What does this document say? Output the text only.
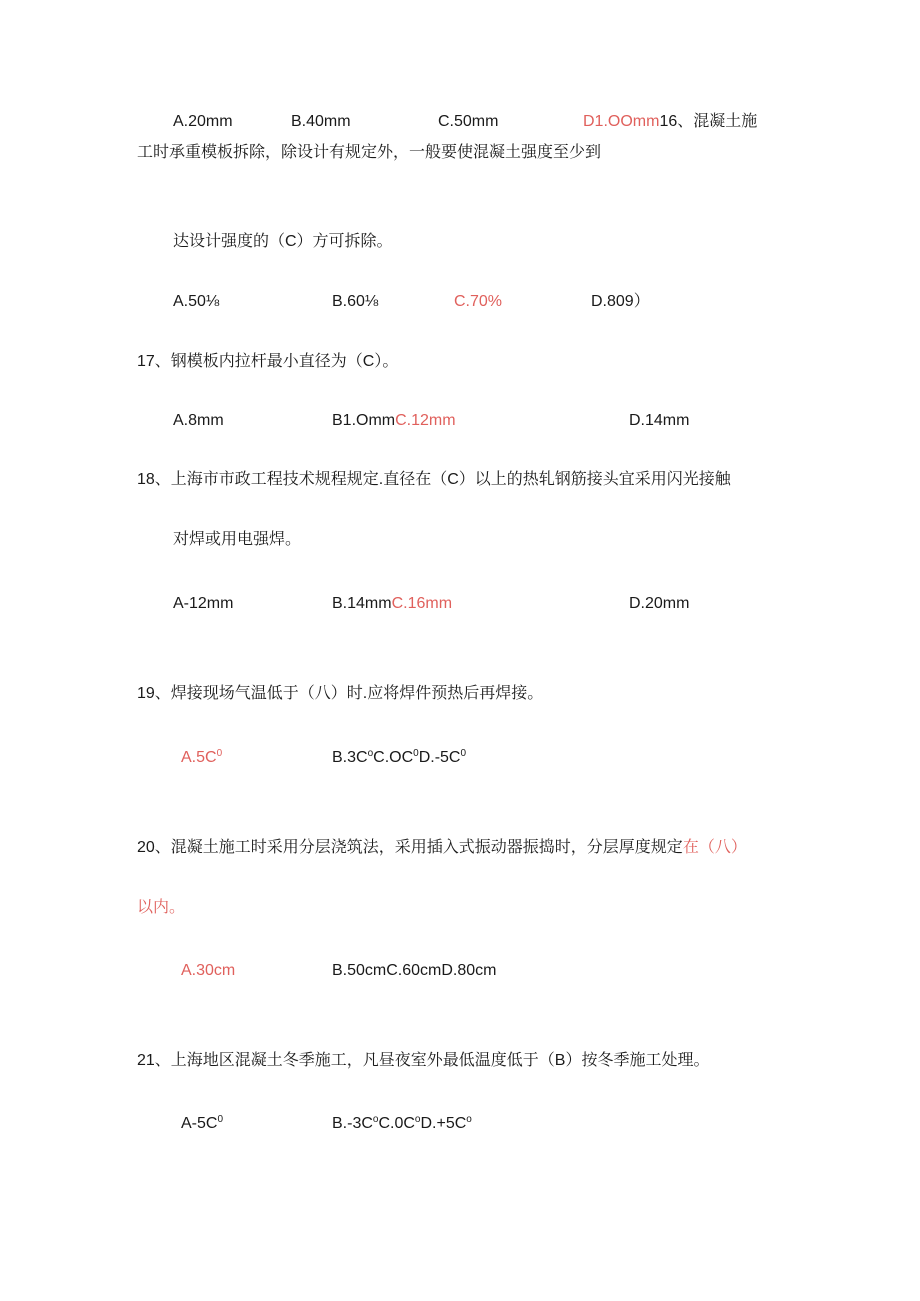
A.20mm	B.40mm	C.50mm	D1.OOmm16、混凝土施
工时承重模板拆除，除设计有规定外，一般要使混凝土强度至少到
达设计强度的（C）方可拆除。
A.50⅛	B.60⅛	C.70%	D.809）
17、钢模板内拉杆最小直径为（C）。
A.8mm	B1.OmmC.12mm	D.14mm
18、上海市市政工程技术规程规定.直径在（C）以上的热轧钢筋接头宜采用闪光接触
对焊或用电强焊。
A-12mm	B.14mmC.16mm	D.20mm
19、焊接现场气温低于（八）时.应将焊件预热后再焊接。
$A.5C^0$	$B.3C^oC.OC^0D.-5C^0$
20、混凝土施工时采用分层浇筑法，采用插入式振动器振捣时，分层厚度规定在（八）
以内。
A.30cm	B.50cmC.60cmD.80cm
21、上海地区混凝土冬季施工，凡昼夜室外最低温度低于（B）按冬季施工处理。
$A-5C^0$	$B.-3C^oC.0C^oD.+5C^o$
